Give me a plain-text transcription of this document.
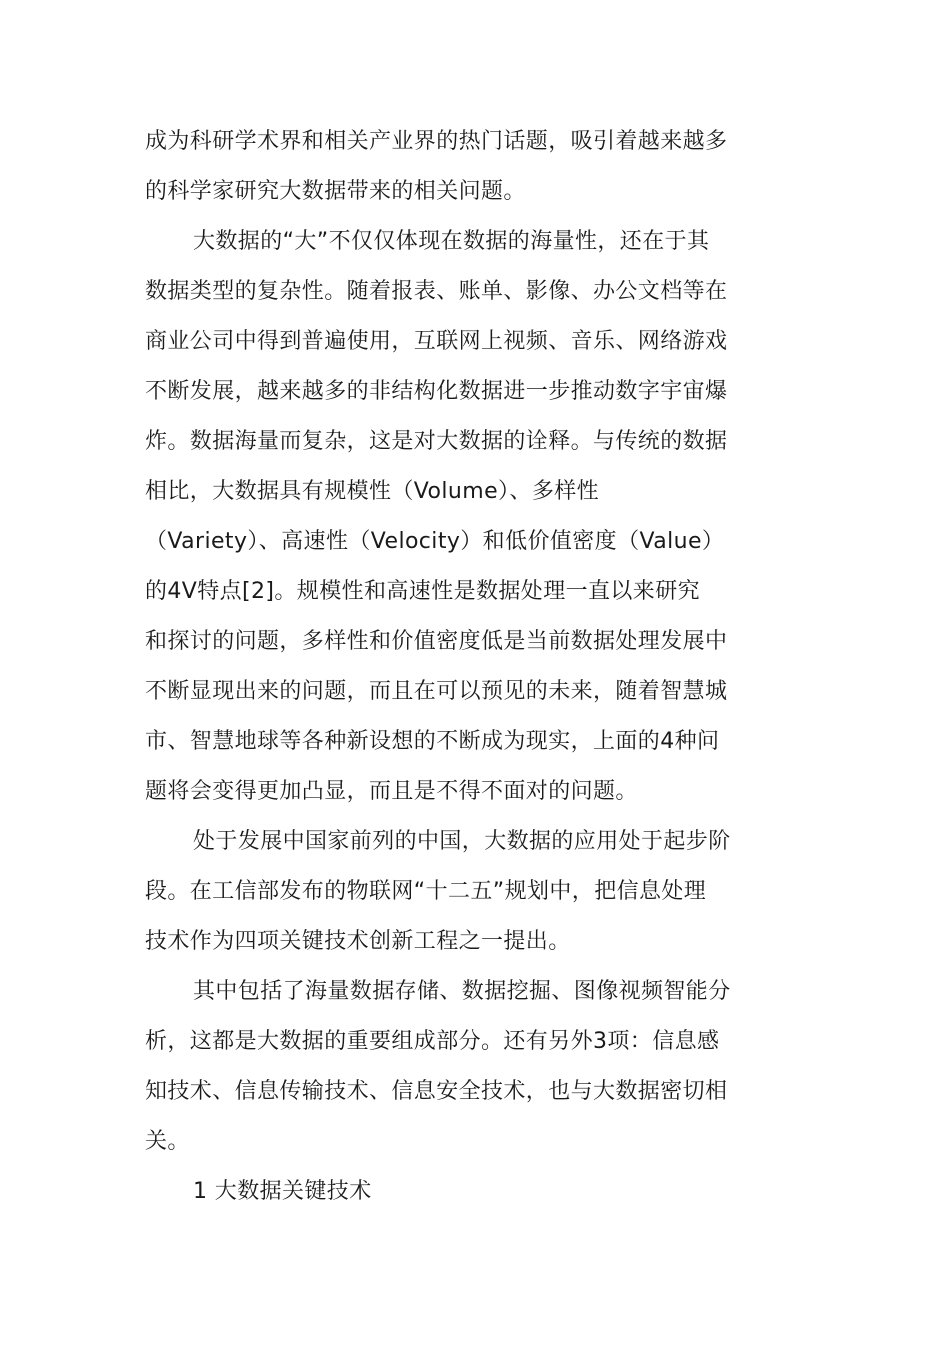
成为科研学术界和相关产业界的热门话题，吸引着越来越多
的科学家研究大数据带来的相关问题。
大数据的“大”不仅仅体现在数据的海量性，还在于其
数据类型的复杂性。随着报表、账单、影像、办公文档等在
商业公司中得到普遍使用，互联网上视频、音乐、网络游戏
不断发展，越来越多的非结构化数据进一步推动数字宇宙爆
炸。数据海量而复杂，这是对大数据的诠释。与传统的数据
相比，大数据具有规模性（Volume）、多样性
（Variety）、高速性（Velocity）和低价值密度（Value）
的4V特点[2]。规模性和高速性是数据处理一直以来研究
和探讨的问题，多样性和价值密度低是当前数据处理发展中
不断显现出来的问题，而且在可以预见的未来，随着智慧城
市、智慧地球等各种新设想的不断成为现实，上面的4种问
题将会变得更加凸显，而且是不得不面对的问题。
处于发展中国家前列的中国，大数据的应用处于起步阶
段。在工信部发布的物联网“十二五”规划中，把信息处理
技术作为四项关键技术创新工程之一提出。
其中包括了海量数据存储、数据挖掘、图像视频智能分
析，这都是大数据的重要组成部分。还有另外3项：信息感
知技术、信息传输技术、信息安全技术，也与大数据密切相
关。
1 大数据关键技术
